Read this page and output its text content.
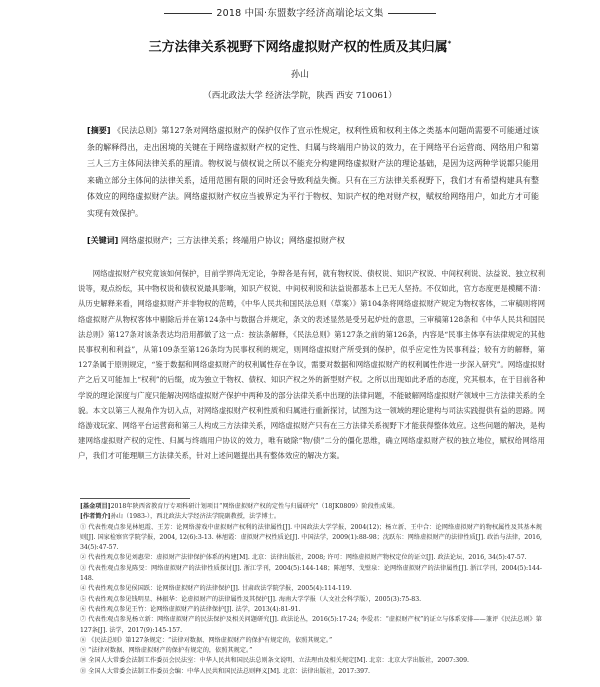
2018 中国·东盟数字经济高端论坛文集
三方法律关系视野下网络虚拟财产权的性质及其归属*
孙山
（西北政法大学 经济法学院，陕西 西安 710061）
[摘要] 《民法总则》第127条对网络虚拟财产的保护仅作了宣示性规定，权利性质和权利主体之类基本问题尚需要不可能通过该条的解释得出，走出困境的关键在于网络虚拟财产权的定性、归属与终端用户协议的效力，在于网络平台运营商、网络用户和第三人三方主体间法律关系的厘清。物权说与债权说之所以不能充分构建网络虚拟财产法的理论基础，是因为这两种学说都只能用来确立部分主体间的法律关系，适用范围有限的同时还会导致利益失衡。只有在三方法律关系视野下，我们才有希望构建具有整体效应的网络虚拟财产法。网络虚拟财产权应当被界定为平行于物权、知识产权的绝对财产权，赋权给网络用户，如此方才可能实现有效保护。
[关键词] 网络虚拟财产；三方法律关系；终端用户协议；网络虚拟财产权
网络虚拟财产权究竟该如何保护，目前学界尚无定论，争辩各是有何，就有物权说、债权说、知识产权说、中间权利说、法益说、独立权利说等，观点纷纭，其中物权说和债权说最具影响，知识产权说、中间权利说和法益说都基本上已无人坚持。不仅如此，官方态度更是模糊不清：从历史解释来看，网络虚拟财产并非物权的范畴，《中华人民共和国民法总则（草案）》第104条将网络虚拟财产规定为物权客体，二审稿则将网络虚拟财产从物权客体中剔除后并在第124条中与数据合并规定，条文的表述显然是受另起炉灶的意思，三审稿第128条和《中华人民共和国民法总则》第127条对该条表达均沿用都做了这一点：按法条解释，《民法总则》第127条之前的第126条，内容是“民事主体享有法律规定的其他民事权利和利益”，从第109条至第126条均为民事权利的规定，则网络虚拟财产所受到的保护，似乎应定性为民事利益；较有方的解释，第127条属于原则规定，“鉴于数据和网络虚拟财产的权利属性存在争议，需要对数据和网络虚拟财产的权利属性作进一步深入研究”。网络虚拟财产之后又可能加上“权利”的后缀，成为独立于物权、债权、知识产权之外的新型财产权。之所以出现如此矛盾的态度，究其根本，在于目前各种学说的理论深度与广度只能解决网络虚拟财产保护中两种及的部分法律关系中出现的法律问题，不能破解网络虚拟财产领域中三方法律关系的全貌。本文以第三人视角作为切入点，对网络虚拟财产权利性质和归属进行重新探讨，试图为这一领域的理论建构与司法实践提供有益的思路。网络游戏玩家、网络平台运营商和第三人构成三方法律关系，网络虚拟财产只有在三方法律关系视野下才能获得整体效应。这些问题的解决，是构建网络虚拟财产权的定性、归属与终端用户协议的效力，唯有破除“物/债”二分的僵化思维，确立网络虚拟财产权的独立地位，赋权给网络用户，我们才可能理顺三方法律关系，针对上述问题提出具有整体效应的解决方案。

[基金项目]2018年陕西省教育厅专项科研计划项目“网络虚拟财产权的定性与归属研究”（18JK0809）阶段性成果。

[作者简介]孙山（1983-），西北政法大学经济法学院副教授，法学博士。

① 代表性观点参见林旭霞、王芳：论网络游戏中虚拟财产权利的法律属性[J]. 中国政法大学学报，2004(12)；杨立新、王中合：论网络虚拟财产的物权属性及其基本规则[J]. 国家检察官学院学报，2004, 12(6):3-13. 林旭霞：虚拟财产权性质论[J]. 中国法学，2009(1):88-98；沈跃东：网络虚拟财产的法律性质[J]. 政治与法律，2016, 34(5):47-57.

② 代表性观点参见刘惠荣：虚拟财产法律保护体系的构建[M]. 北京：法律出版社，2008; 许可：网络虚拟财产物权定位的证立[J]. 政法论坛，2016, 34(5):47-57.

③ 代表性观点参见陈旻：网络虚拟财产的法律性质探讨[J]. 浙江学刊，2004(5):144-148；陈旭琴、戈壁泉：论网络虚拟财产的法律属性[J]. 浙江学刊，2004(5):144-148.

④ 代表性观点参见侯国跃：论网络虚拟财产的法律保护[J]. 甘肃政法学院学报，2005(4):114-119.

⑤ 代表性观点参见钱明星、林振华：论虚拟财产的法律属性及其保护[J]. 海南大学学报（人文社会科学版），2005(3):75-83.

⑥ 代表性观点参见王竹：论网络虚拟财产的法律保护[J]. 法学，2013(4):81-91.

⑦ 代表性观点参见杨立新：网络虚拟财产的民法保护及相关问题研究[J]. 政法论丛，2016(5):17-24; 李爱君：“虚拟财产权”的证立与体系安排——兼评《民法总则》第127条[J]. 法学，2017(9):145-157.

⑧ 《民法总则》第127条规定：“法律对数据、网络虚拟财产的保护有规定的，依照其规定。”

⑨ “法律对数据、网络虚拟财产的保护有规定的，依照其规定。”

⑩ 全国人大常委会法制工作委员会民法室：中华人民共和国民法总则条文说明、立法理由及相关规定[M]. 北京：北京大学出版社，2007:309.

⑪ 全国人大常委会法制工作委员会编：中华人民共和国民法总则释义[M]. 北京：法律出版社，2017:397.
